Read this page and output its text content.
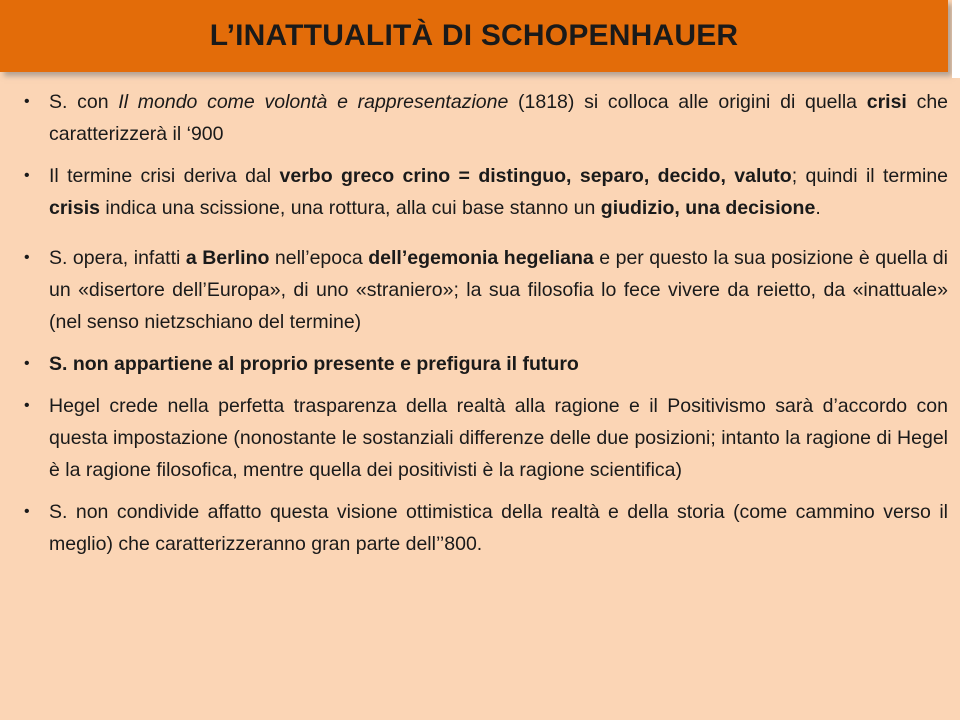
L’INATTUALITÀ DI SCHOPENHAUER
• S. con Il mondo come volontà e rappresentazione (1818) si colloca alle origini di quella crisi che caratterizzerà il ‘900
• Il termine crisi deriva dal verbo greco crino = distinguo, separo, decido, valuto; quindi il termine crisis indica una scissione, una rottura, alla cui base stanno un giudizio, una decisione.
• S. opera, infatti a Berlino nell’epoca dell’egemonia hegeliana e per questo la sua posizione è quella di un «disertore dell’Europa», di uno «straniero»; la sua filosofia lo fece vivere da reietto, da «inattuale» (nel senso nietzschiano del termine)
• S. non appartiene al proprio presente e prefigura il futuro
• Hegel crede nella perfetta trasparenza della realtà alla ragione e il Positivismo sarà d’accordo con questa impostazione (nonostante le sostanziali differenze delle due posizioni; intanto la ragione di Hegel è la ragione filosofica, mentre quella dei positivisti è la ragione scientifica)
• S. non condivide affatto questa visione ottimistica della realtà e della storia (come cammino verso il meglio) che caratterizzeranno gran parte dell’’800.
